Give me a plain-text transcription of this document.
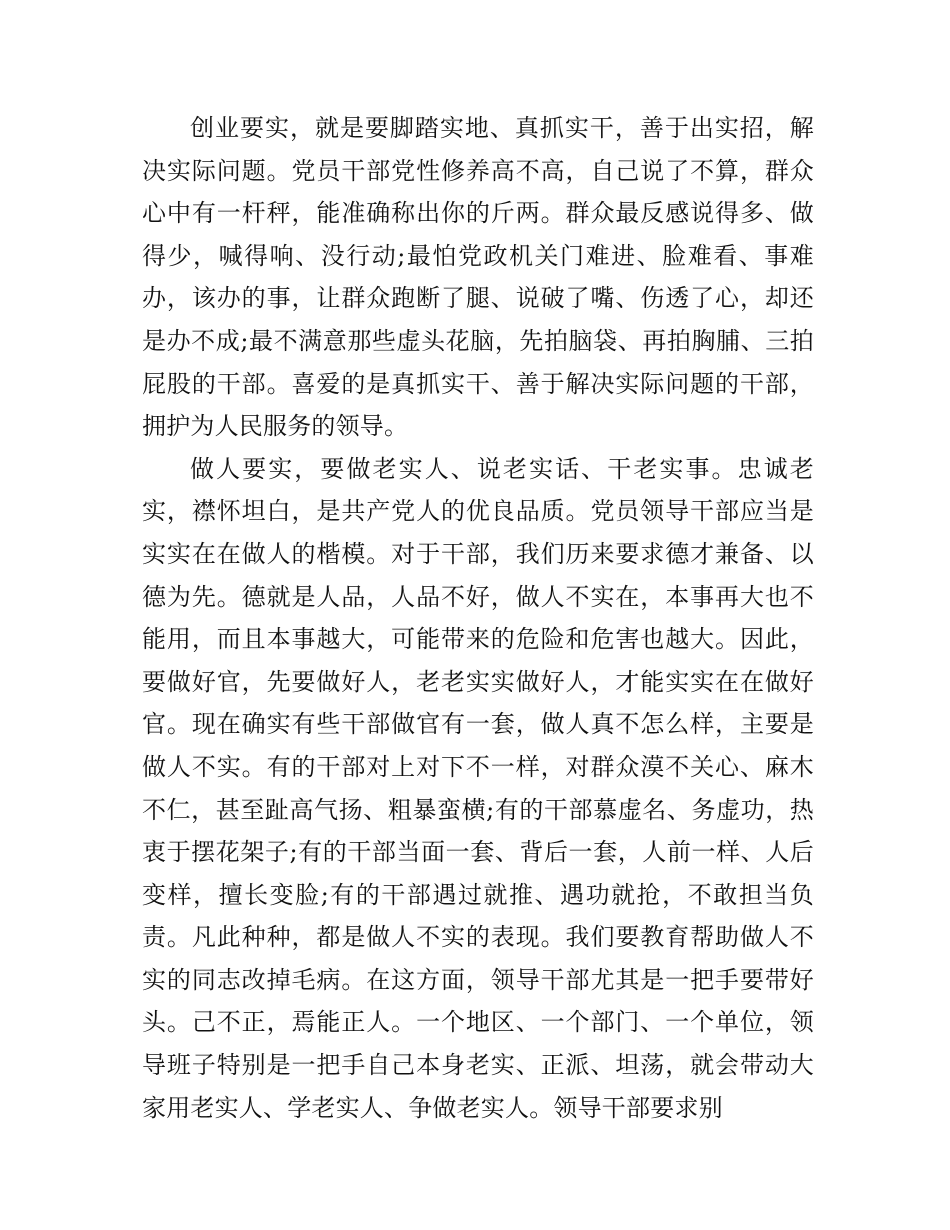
创业要实，就是要脚踏实地、真抓实干，善于出实招，解决实际问题。党员干部党性修养高不高，自己说了不算，群众心中有一杆秤，能准确称出你的斤两。群众最反感说得多、做得少，喊得响、没行动;最怕党政机关门难进、脸难看、事难办，该办的事，让群众跑断了腿、说破了嘴、伤透了心，却还是办不成;最不满意那些虚头花脑，先拍脑袋、再拍胸脯、三拍屁股的干部。喜爱的是真抓实干、善于解决实际问题的干部，拥护为人民服务的领导。

做人要实，要做老实人、说老实话、干老实事。忠诚老实，襟怀坦白，是共产党人的优良品质。党员领导干部应当是实实在在做人的楷模。对于干部，我们历来要求德才兼备、以德为先。德就是人品，人品不好，做人不实在，本事再大也不能用，而且本事越大，可能带来的危险和危害也越大。因此，要做好官，先要做好人，老老实实做好人，才能实实在在做好官。现在确实有些干部做官有一套，做人真不怎么样，主要是做人不实。有的干部对上对下不一样，对群众漠不关心、麻木不仁，甚至趾高气扬、粗暴蛮横;有的干部慕虚名、务虚功，热衷于摆花架子;有的干部当面一套、背后一套，人前一样、人后变样，擅长变脸;有的干部遇过就推、遇功就抢，不敢担当负责。凡此种种，都是做人不实的表现。我们要教育帮助做人不实的同志改掉毛病。在这方面，领导干部尤其是一把手要带好头。己不正，焉能正人。一个地区、一个部门、一个单位，领导班子特别是一把手自己本身老实、正派、坦荡，就会带动大家用老实人、学老实人、争做老实人。领导干部要求别
